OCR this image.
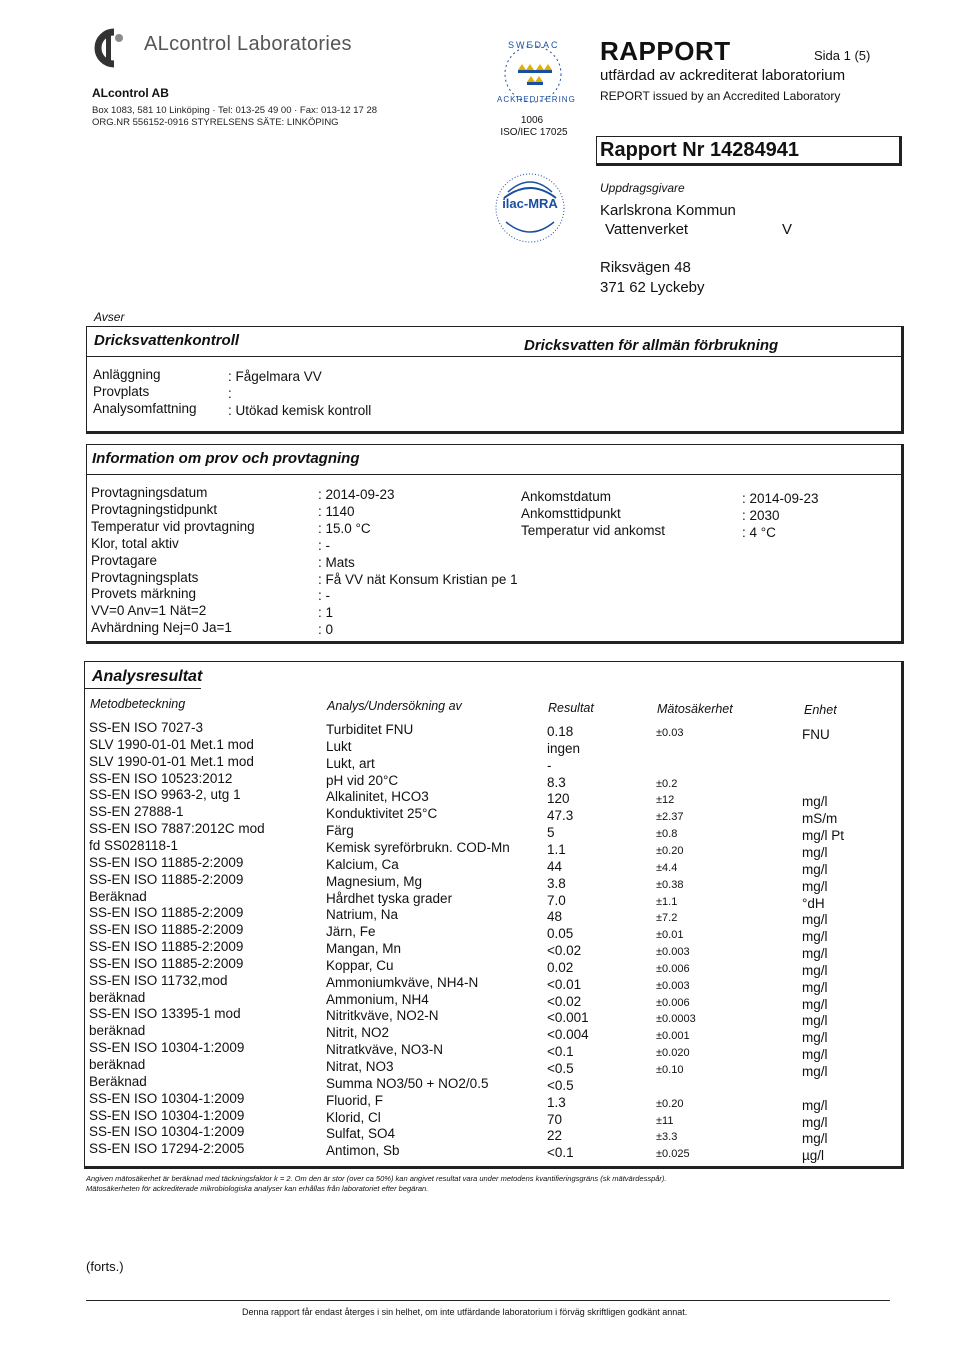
ALcontrol Laboratories
ALcontrol AB
Box 1083, 581 10 Linköping · Tel: 013-25 49 00 · Fax: 013-12 17 28
ORG.NR 556152-0916 STYRELSENS SÄTE: LINKÖPING
SWEDAC
ACKREDITERING
1006
ISO/IEC 17025
ilac-MRA
RAPPORT	Sida 1 (5)
utfärdad av ackrediterat laboratorium
REPORT issued by an Accredited Laboratory
Rapport Nr 14284941
Uppdragsgivare
Karlskrona Kommun
Vattenverket	V
Riksvägen 48
371 62 Lyckeby
Avser
Dricksvattenkontroll	Dricksvatten för allmän förbrukning
Anläggning	: Fågelmara VV
Provplats	:
Analysomfattning : Utökad kemisk kontroll
Information om prov och provtagning
Provtagningsdatum	: 2014-09-23
Provtagningstidpunkt	: 1140
Temperatur vid provtagning	: 15.0 °C
Klor, total aktiv	: -
Provtagare	: Mats
Provtagningsplats	: Få VV nät Konsum Kristian pe 1
Provets märkning	: -
VV=0 Anv=1 Nät=2	: 1
Avhärdning Nej=0 Ja=1	: 0
Ankomstdatum	: 2014-09-23
Ankomsttidpunkt	: 2030
Temperatur vid ankomst	: 4 °C
Analysresultat
Metodbeteckning	Analys/Undersökning av	Resultat	Mätosäkerhet	Enhet
SS-EN ISO 7027-3	Turbiditet FNU	0.18	±0.03	FNU
SLV 1990-01-01 Met.1 mod	Lukt	ingen
SLV 1990-01-01 Met.1 mod	Lukt, art	-
SS-EN ISO 10523:2012	pH vid 20°C	8.3	±0.2
SS-EN ISO 9963-2, utg 1	Alkalinitet, HCO3	120	±12	mg/l
SS-EN 27888-1	Konduktivitet 25°C	47.3	±2.37	mS/m
SS-EN ISO 7887:2012C mod	Färg	5	±0.8	mg/l Pt
fd SS028118-1	Kemisk syreförbrukn. COD-Mn	1.1	±0.20	mg/l
SS-EN ISO 11885-2:2009	Kalcium, Ca	44	±4.4	mg/l
SS-EN ISO 11885-2:2009	Magnesium, Mg	3.8	±0.38	mg/l
Beräknad	Hårdhet tyska grader	7.0	±1.1	°dH
SS-EN ISO 11885-2:2009	Natrium, Na	48	±7.2	mg/l
SS-EN ISO 11885-2:2009	Järn, Fe	0.05	±0.01	mg/l
SS-EN ISO 11885-2:2009	Mangan, Mn	<0.02	±0.003	mg/l
SS-EN ISO 11885-2:2009	Koppar, Cu	0.02	±0.006	mg/l
SS-EN ISO 11732,mod	Ammoniumkväve, NH4-N	<0.01	±0.003	mg/l
beräknad	Ammonium, NH4	<0.02	±0.006	mg/l
SS-EN ISO 13395-1 mod	Nitritkväve, NO2-N	<0.001	±0.0003	mg/l
beräknad	Nitrit, NO2	<0.004	±0.001	mg/l
SS-EN ISO 10304-1:2009	Nitratkväve, NO3-N	<0.1	±0.020	mg/l
beräknad	Nitrat, NO3	<0.5	±0.10	mg/l
Beräknad	Summa NO3/50 + NO2/0.5	<0.5
SS-EN ISO 10304-1:2009	Fluorid, F	1.3	±0.20	mg/l
SS-EN ISO 10304-1:2009	Klorid, Cl	70	±11	mg/l
SS-EN ISO 10304-1:2009	Sulfat, SO4	22	±3.3	mg/l
SS-EN ISO 17294-2:2005	Antimon, Sb	<0.1	±0.025	µg/l
Angiven mätosäkerhet är beräknad med täckningsfaktor k = 2. Om den är stor (over ca 50%) kan angivet resultat vara under metodens kvantifieringsgräns (sk mätvärdesspår).
Mätosäkerheten för ackrediterade mikrobiologiska analyser kan erhållas från laboratoriet efter begäran.
(forts.)
Denna rapport får endast återges i sin helhet, om inte utfärdande laboratorium i förväg skriftligen godkänt annat.
